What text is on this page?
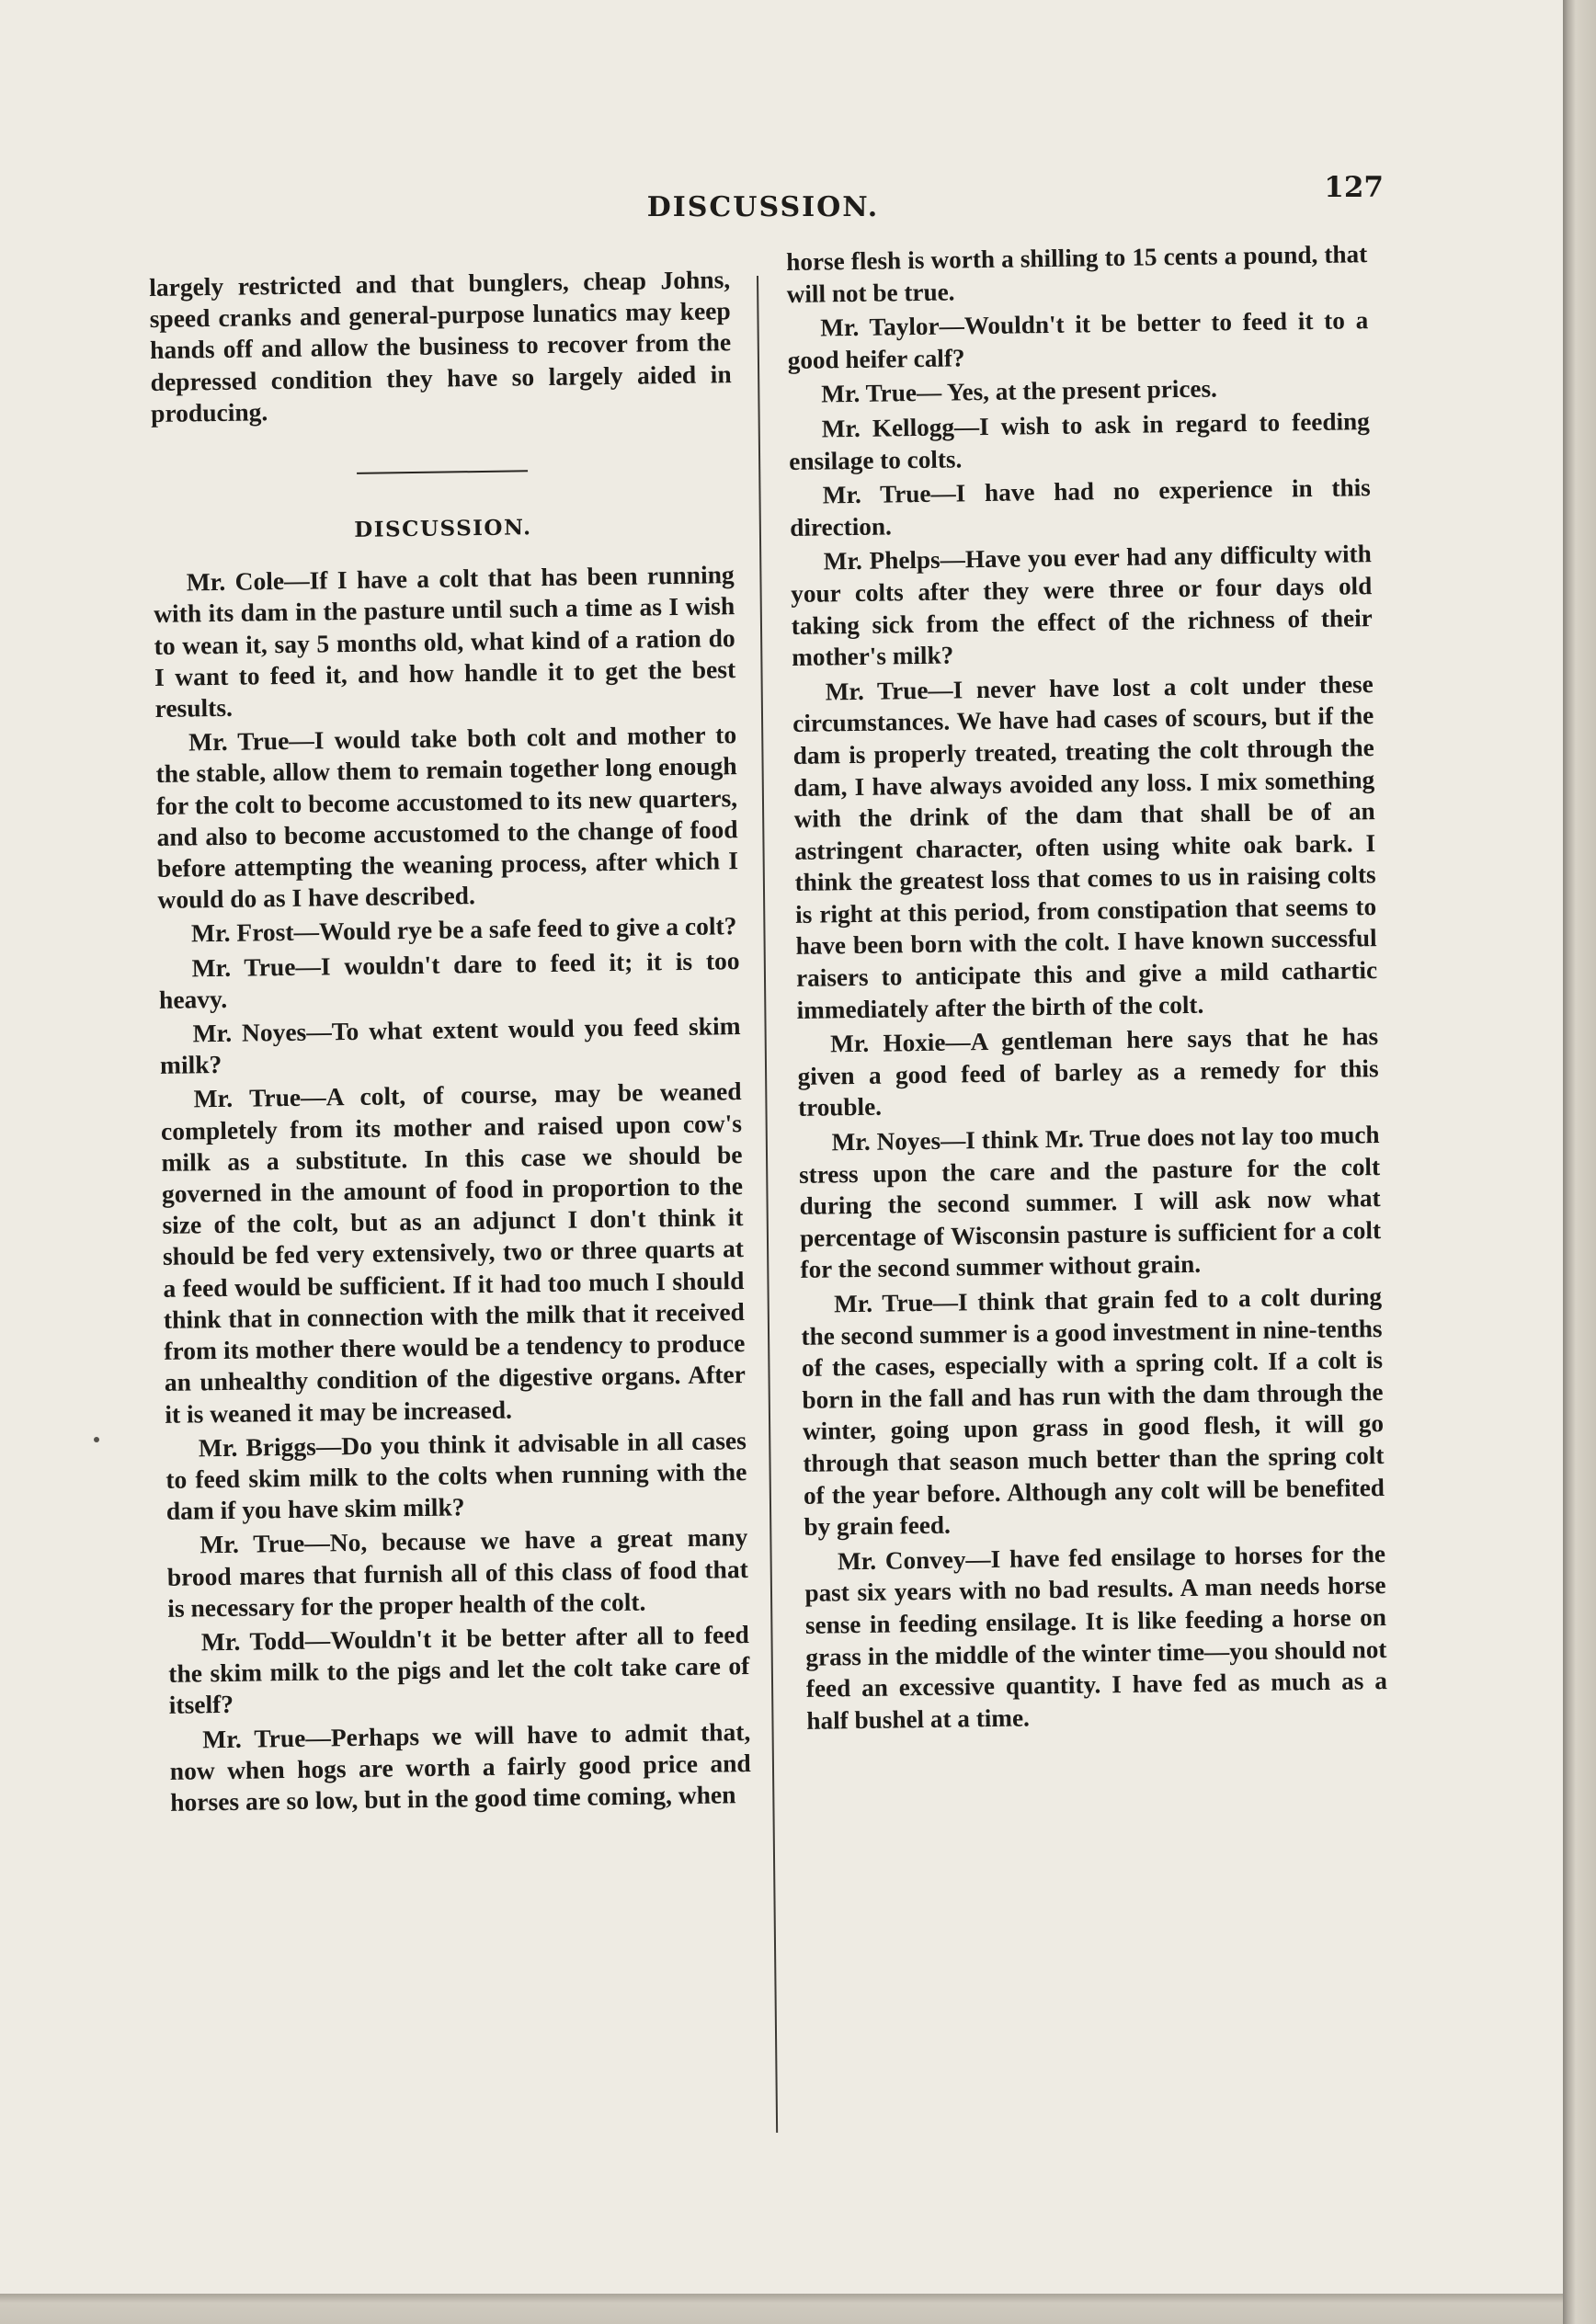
127
DISCUSSION.

largely restricted and that bunglers, cheap Johns, speed cranks and general-purpose lunatics may keep hands off and allow the business to recover from the depressed condition they have so largely aided in producing.

DISCUSSION.

Mr. Cole—If I have a colt that has been running with its dam in the pasture until such a time as I wish to wean it, say 5 months old, what kind of a ration do I want to feed it, and how handle it to get the best results.

Mr. True—I would take both colt and mother to the stable, allow them to remain together long enough for the colt to become accustomed to its new quarters, and also to become accustomed to the change of food before attempting the weaning process, after which I would do as I have described.

Mr. Frost—Would rye be a safe feed to give a colt?

Mr. True—I wouldn't dare to feed it; it is too heavy.

Mr. Noyes—To what extent would you feed skim milk?

Mr. True—A colt, of course, may be weaned completely from its mother and raised upon cow's milk as a substitute. In this case we should be governed in the amount of food in proportion to the size of the colt, but as an adjunct I don't think it should be fed very extensively, two or three quarts at a feed would be sufficient. If it had too much I should think that in connection with the milk that it received from its mother there would be a tendency to produce an unhealthy condition of the digestive organs. After it is weaned it may be increased.

Mr. Briggs—Do you think it advisable in all cases to feed skim milk to the colts when running with the dam if you have skim milk?

Mr. True—No, because we have a great many brood mares that furnish all of this class of food that is necessary for the proper health of the colt.

Mr. Todd—Wouldn't it be better after all to feed the skim milk to the pigs and let the colt take care of itself?

Mr. True—Perhaps we will have to admit that, now when hogs are worth a fairly good price and horses are so low, but in the good time coming, when

horse flesh is worth a shilling to 15 cents a pound, that will not be true.

Mr. Taylor—Wouldn't it be better to feed it to a good heifer calf?

Mr. True— Yes, at the present prices.

Mr. Kellogg—I wish to ask in regard to feeding ensilage to colts.

Mr. True—I have had no experience in this direction.

Mr. Phelps—Have you ever had any difficulty with your colts after they were three or four days old taking sick from the effect of the richness of their mother's milk?

Mr. True—I never have lost a colt under these circumstances. We have had cases of scours, but if the dam is properly treated, treating the colt through the dam, I have always avoided any loss. I mix something with the drink of the dam that shall be of an astringent character, often using white oak bark. I think the greatest loss that comes to us in raising colts is right at this period, from constipation that seems to have been born with the colt. I have known successful raisers to anticipate this and give a mild cathartic immediately after the birth of the colt.

Mr. Hoxie—A gentleman here says that he has given a good feed of barley as a remedy for this trouble.

Mr. Noyes—I think Mr. True does not lay too much stress upon the care and the pasture for the colt during the second summer. I will ask now what percentage of Wisconsin pasture is sufficient for a colt for the second summer without grain.

Mr. True—I think that grain fed to a colt during the second summer is a good investment in nine-tenths of the cases, especially with a spring colt. If a colt is born in the fall and has run with the dam through the winter, going upon grass in good flesh, it will go through that season much better than the spring colt of the year before. Although any colt will be benefited by grain feed.

Mr. Convey—I have fed ensilage to horses for the past six years with no bad results. A man needs horse sense in feeding ensilage. It is like feeding a horse on grass in the middle of the winter time—you should not feed an excessive quantity. I have fed as much as a half bushel at a time.
